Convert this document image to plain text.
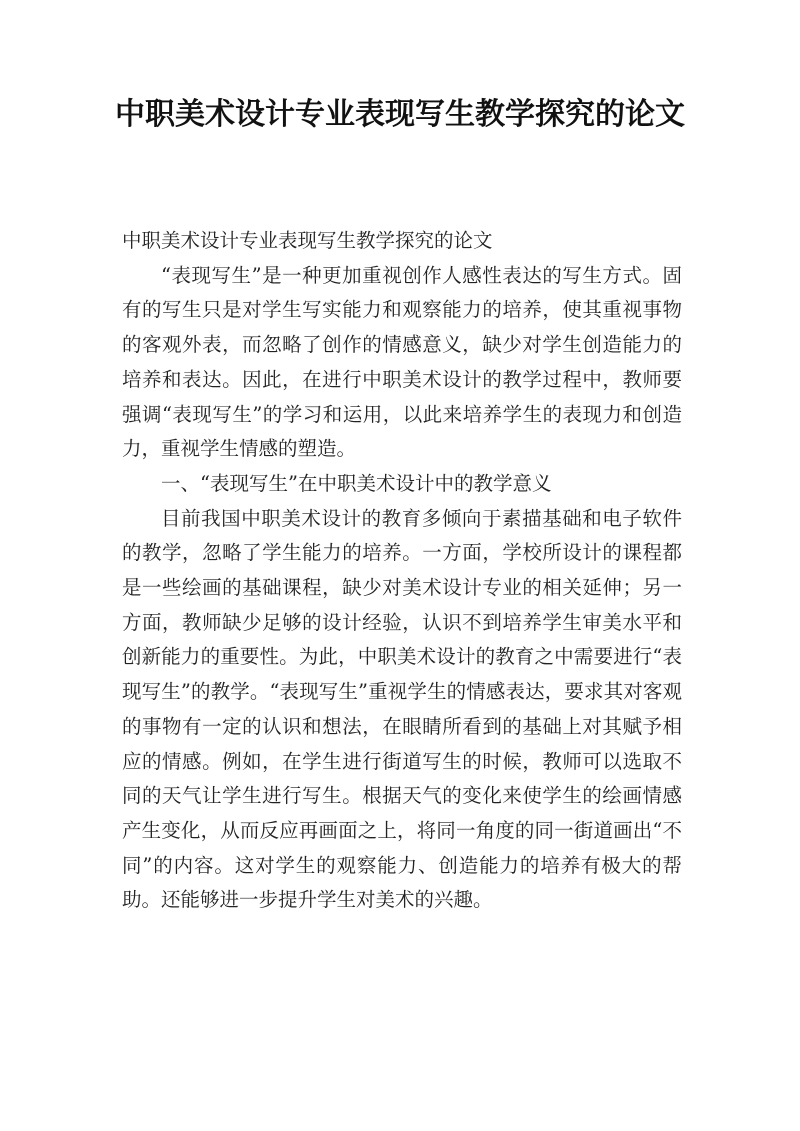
中职美术设计专业表现写生教学探究的论文

中职美术设计专业表现写生教学探究的论文

“表现写生”是一种更加重视创作人感性表达的写生方式。固有的写生只是对学生写实能力和观察能力的培养，使其重视事物的客观外表，而忽略了创作的情感意义，缺少对学生创造能力的培养和表达。因此，在进行中职美术设计的教学过程中，教师要强调“表现写生”的学习和运用，以此来培养学生的表现力和创造力，重视学生情感的塑造。

一、“表现写生”在中职美术设计中的教学意义

目前我国中职美术设计的教育多倾向于素描基础和电子软件的教学，忽略了学生能力的培养。一方面，学校所设计的课程都是一些绘画的基础课程，缺少对美术设计专业的相关延伸；另一方面，教师缺少足够的设计经验，认识不到培养学生审美水平和创新能力的重要性。为此，中职美术设计的教育之中需要进行“表现写生”的教学。“表现写生”重视学生的情感表达，要求其对客观的事物有一定的认识和想法，在眼睛所看到的基础上对其赋予相应的情感。例如，在学生进行街道写生的时候，教师可以选取不同的天气让学生进行写生。根据天气的变化来使学生的绘画情感产生变化，从而反应再画面之上，将同一角度的同一街道画出“不同”的内容。这对学生的观察能力、创造能力的培养有极大的帮助。还能够进一步提升学生对美术的兴趣。
